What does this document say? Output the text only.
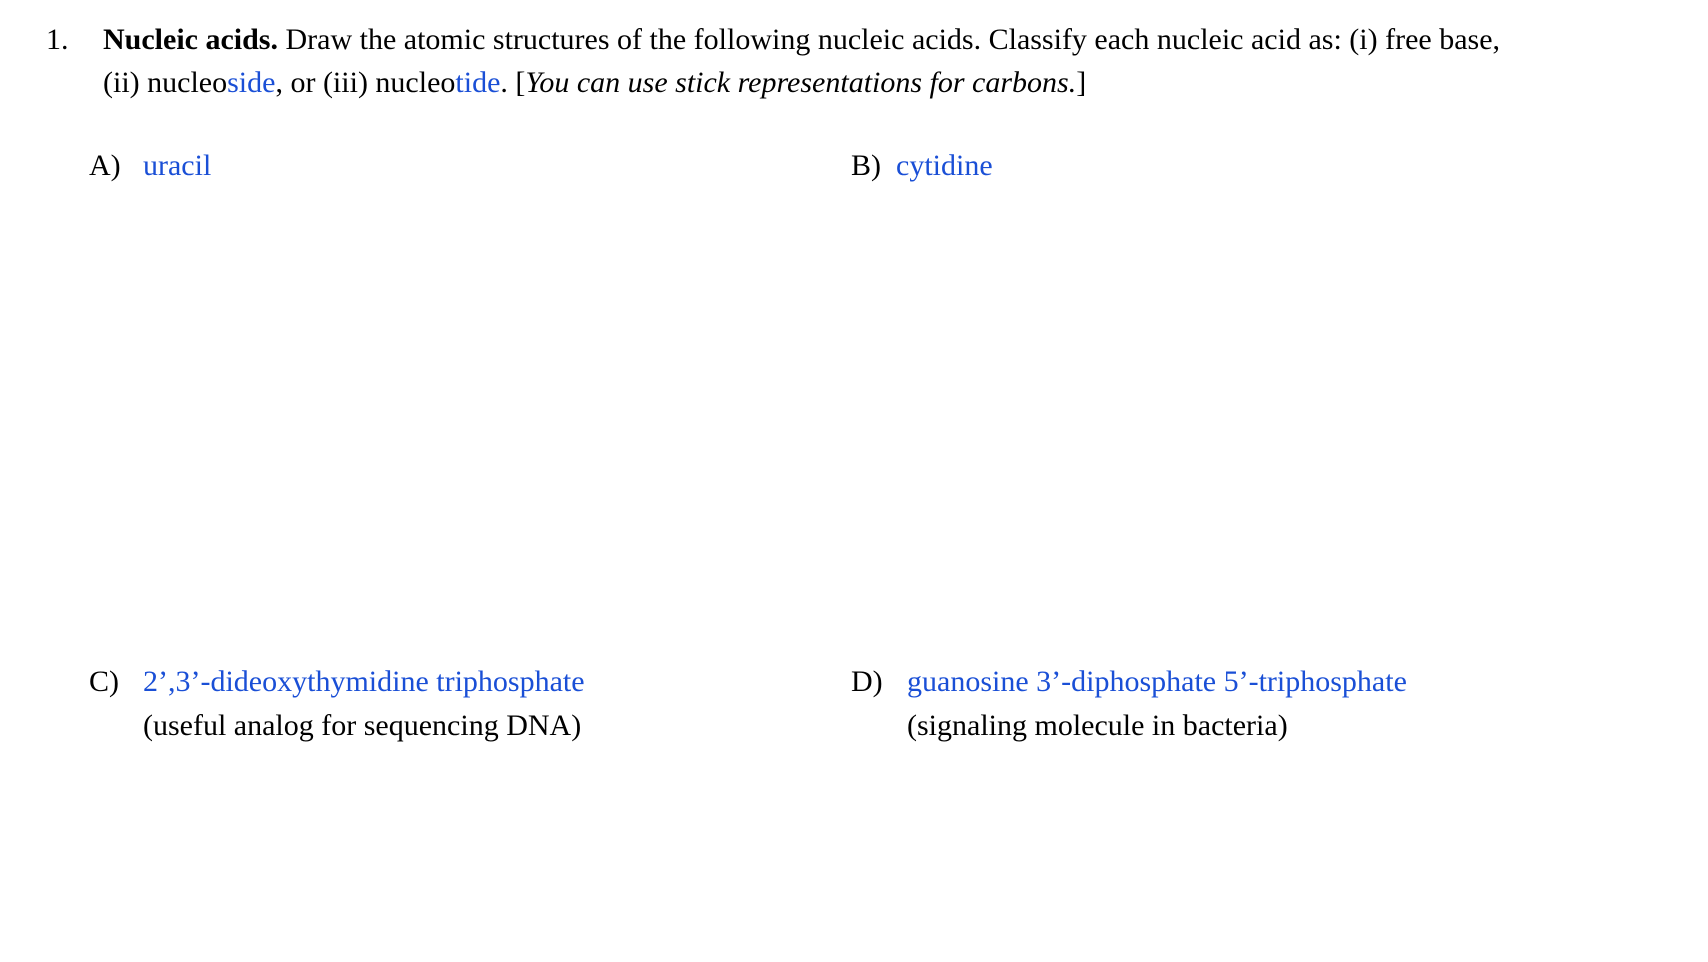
1. Nucleic acids. Draw the atomic structures of the following nucleic acids. Classify each nucleic acid as: (i) free base,
(ii) nucleoside, or (iii) nucleotide. [You can use stick representations for carbons.]
A) uracil	B) cytidine
C) 2’,3’-dideoxythymidine triphosphate
(useful analog for sequencing DNA)
D) guanosine 3’-diphosphate 5’-triphosphate
(signaling molecule in bacteria)
